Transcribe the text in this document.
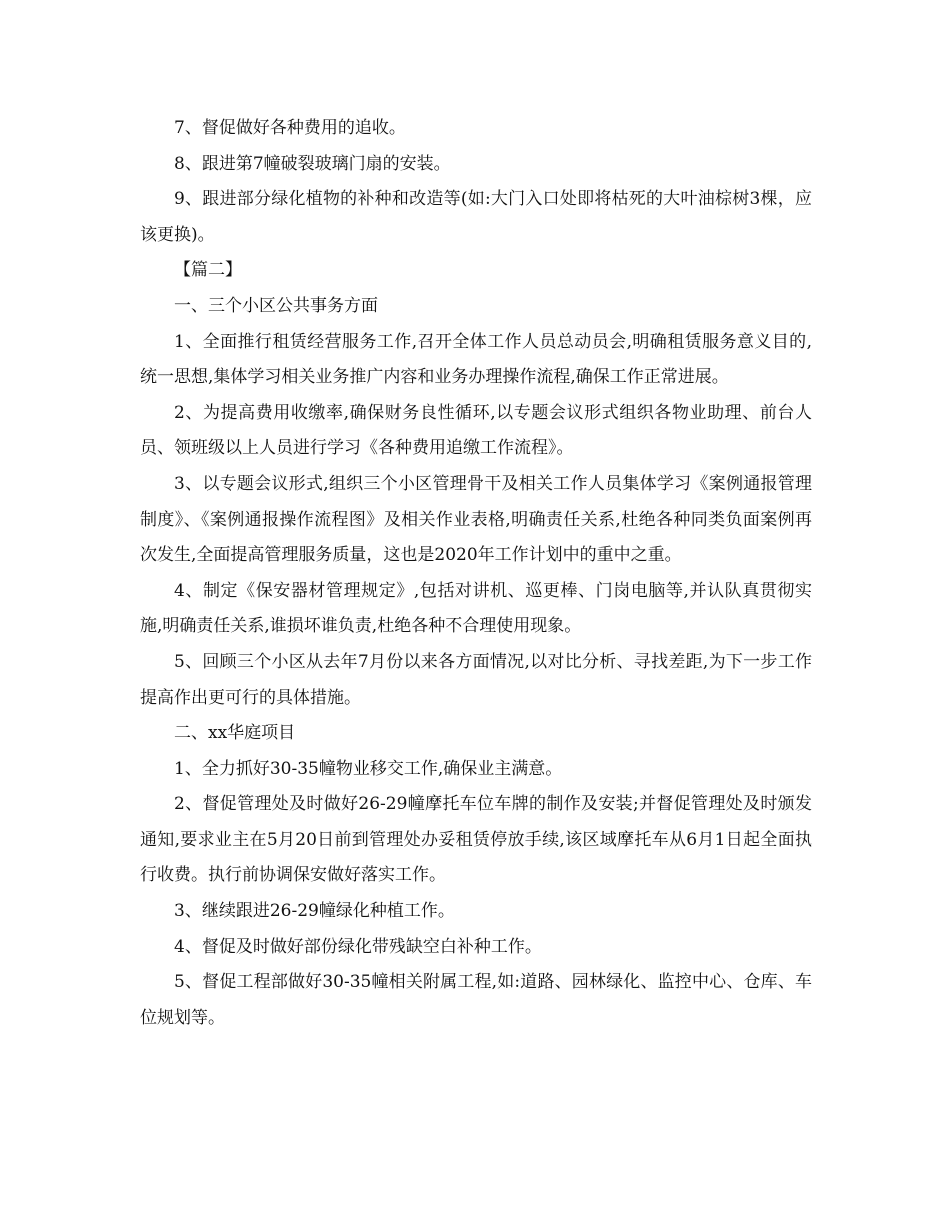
7、督促做好各种费用的追收。

8、跟进第7幢破裂玻璃门扇的安装。

9、跟进部分绿化植物的补种和改造等(如:大门入口处即将枯死的大叶油棕树3棵，应该更换)。

【篇二】

一、三个小区公共事务方面

1、全面推行租赁经营服务工作,召开全体工作人员总动员会,明确租赁服务意义目的,统一思想,集体学习相关业务推广内容和业务办理操作流程,确保工作正常进展。

2、为提高费用收缴率,确保财务良性循环,以专题会议形式组织各物业助理、前台人员、领班级以上人员进行学习《各种费用追缴工作流程》。

3、以专题会议形式,组织三个小区管理骨干及相关工作人员集体学习《案例通报管理制度》、《案例通报操作流程图》及相关作业表格,明确责任关系,杜绝各种同类负面案例再次发生,全面提高管理服务质量，这也是2020年工作计划中的重中之重。

4、制定《保安器材管理规定》,包括对讲机、巡更棒、门岗电脑等,并认队真贯彻实施,明确责任关系,谁损坏谁负责,杜绝各种不合理使用现象。

5、回顾三个小区从去年7月份以来各方面情况,以对比分析、寻找差距,为下一步工作提高作出更可行的具体措施。

二、xx华庭项目

1、全力抓好30-35幢物业移交工作,确保业主满意。

2、督促管理处及时做好26-29幢摩托车位车牌的制作及安装;并督促管理处及时颁发通知,要求业主在5月20日前到管理处办妥租赁停放手续,该区域摩托车从6月1日起全面执行收费。执行前协调保安做好落实工作。

3、继续跟进26-29幢绿化种植工作。

4、督促及时做好部份绿化带残缺空白补种工作。

5、督促工程部做好30-35幢相关附属工程,如:道路、园林绿化、监控中心、仓库、车位规划等。
